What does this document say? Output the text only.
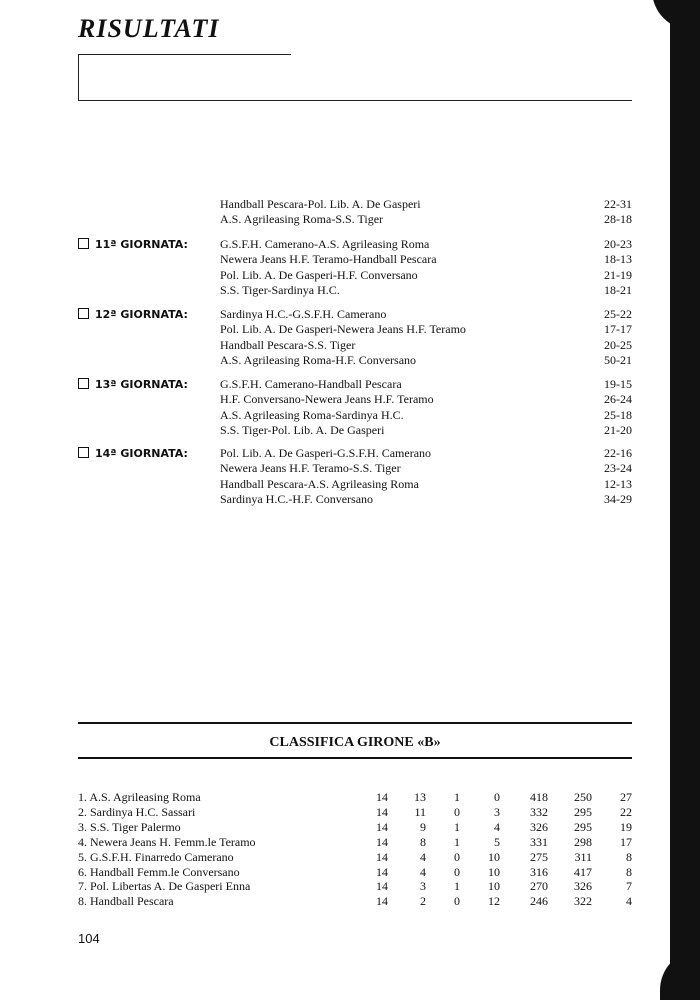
RISULTATI
Handball Pescara-Pol. Lib. A. De Gasperi	22-31
A.S. Agrileasing Roma-S.S. Tiger	28-18
11ª GIORNATA:	G.S.F.H. Camerano-A.S. Agrileasing Roma	20-23
Newera Jeans H.F. Teramo-Handball Pescara	18-13
Pol. Lib. A. De Gasperi-H.F. Conversano	21-19
S.S. Tiger-Sardinya H.C.	18-21
12ª GIORNATA:	Sardinya H.C.-G.S.F.H. Camerano	25-22
Pol. Lib. A. De Gasperi-Newera Jeans H.F. Teramo	17-17
Handball Pescara-S.S. Tiger	20-25
A.S. Agrileasing Roma-H.F. Conversano	50-21
13ª GIORNATA:	G.S.F.H. Camerano-Handball Pescara	19-15
H.F. Conversano-Newera Jeans H.F. Teramo	26-24
A.S. Agrileasing Roma-Sardinya H.C.	25-18
S.S. Tiger-Pol. Lib. A. De Gasperi	21-20
14ª GIORNATA:	Pol. Lib. A. De Gasperi-G.S.F.H. Camerano	22-16
Newera Jeans H.F. Teramo-S.S. Tiger	23-24
Handball Pescara-A.S. Agrileasing Roma	12-13
Sardinya H.C.-H.F. Conversano	34-29
CLASSIFICA GIRONE «B»
1. A.S. Agrileasing Roma	14	13	1	0	418	250	27
2. Sardinya H.C. Sassari	14	11	0	3	332	295	22
3. S.S. Tiger Palermo	14	9	1	4	326	295	19
4. Newera Jeans H. Femm.le Teramo	14	8	1	5	331	298	17
5. G.S.F.H. Finarredo Camerano	14	4	0	10	275	311	8
6. Handball Femm.le Conversano	14	4	0	10	316	417	8
7. Pol. Libertas A. De Gasperi Enna	14	3	1	10	270	326	7
8. Handball Pescara	14	2	0	12	246	322	4
104
